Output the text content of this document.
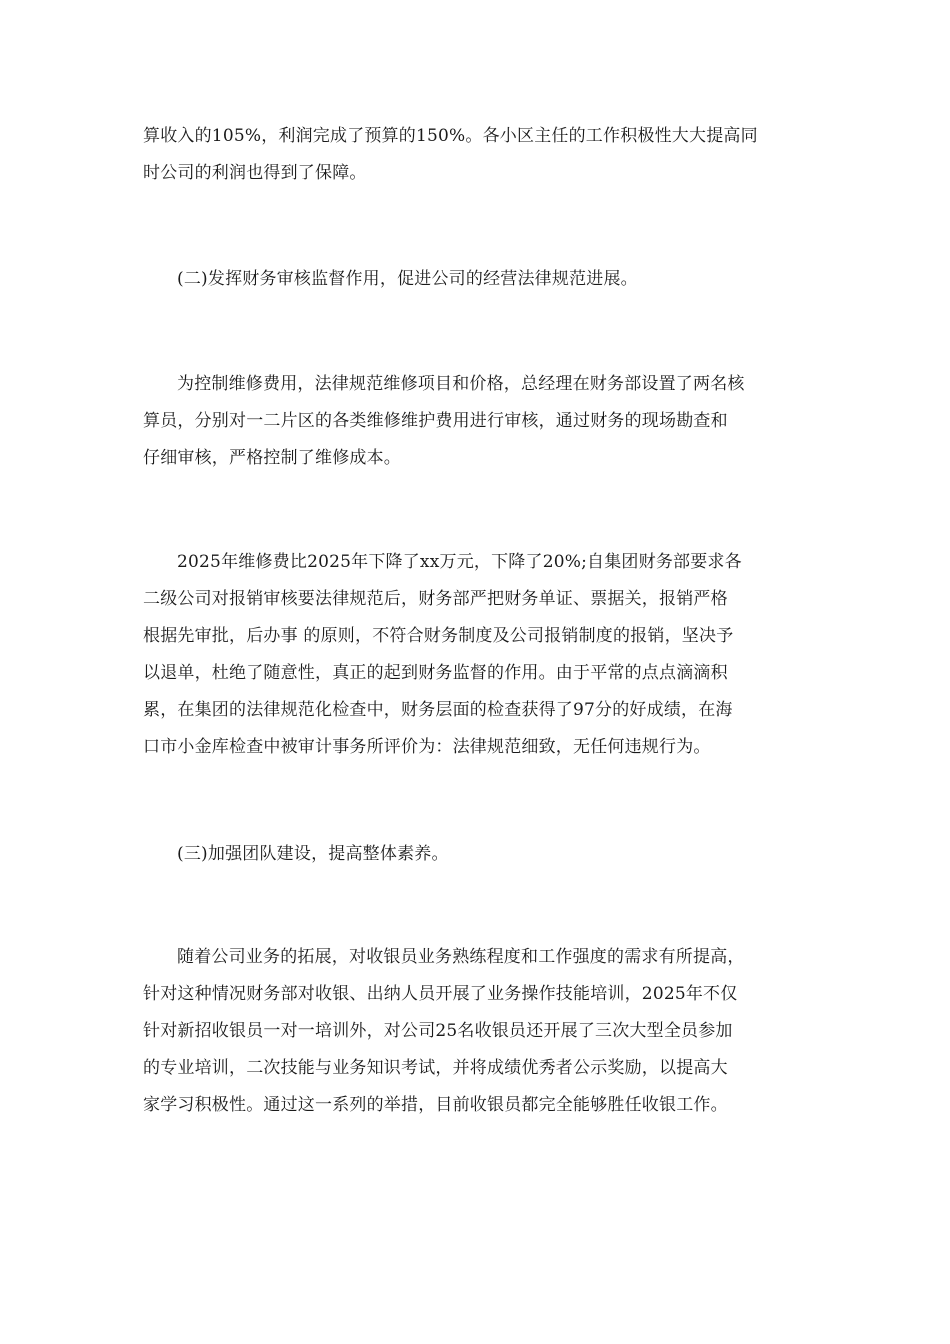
算收入的105%，利润完成了预算的150%。各小区主任的工作积极性大大提高同
时公司的利润也得到了保障。

(二)发挥财务审核监督作用，促进公司的经营法律规范进展。

为控制维修费用，法律规范维修项目和价格，总经理在财务部设置了两名核
算员，分别对一二片区的各类维修维护费用进行审核，通过财务的现场勘查和
仔细审核，严格控制了维修成本。

2025年维修费比2025年下降了xx万元，下降了20%;自集团财务部要求各
二级公司对报销审核要法律规范后，财务部严把财务单证、票据关，报销严格
根据先审批，后办事 的原则，不符合财务制度及公司报销制度的报销，坚决予
以退单，杜绝了随意性，真正的起到财务监督的作用。由于平常的点点滴滴积
累，在集团的法律规范化检查中，财务层面的检查获得了97分的好成绩，在海
口市小金库检查中被审计事务所评价为：法律规范细致，无任何违规行为。

(三)加强团队建设，提高整体素养。

随着公司业务的拓展，对收银员业务熟练程度和工作强度的需求有所提高，
针对这种情况财务部对收银、出纳人员开展了业务操作技能培训，2025年不仅
针对新招收银员一对一培训外，对公司25名收银员还开展了三次大型全员参加
的专业培训，二次技能与业务知识考试，并将成绩优秀者公示奖励，以提高大
家学习积极性。通过这一系列的举措，目前收银员都完全能够胜任收银工作。
